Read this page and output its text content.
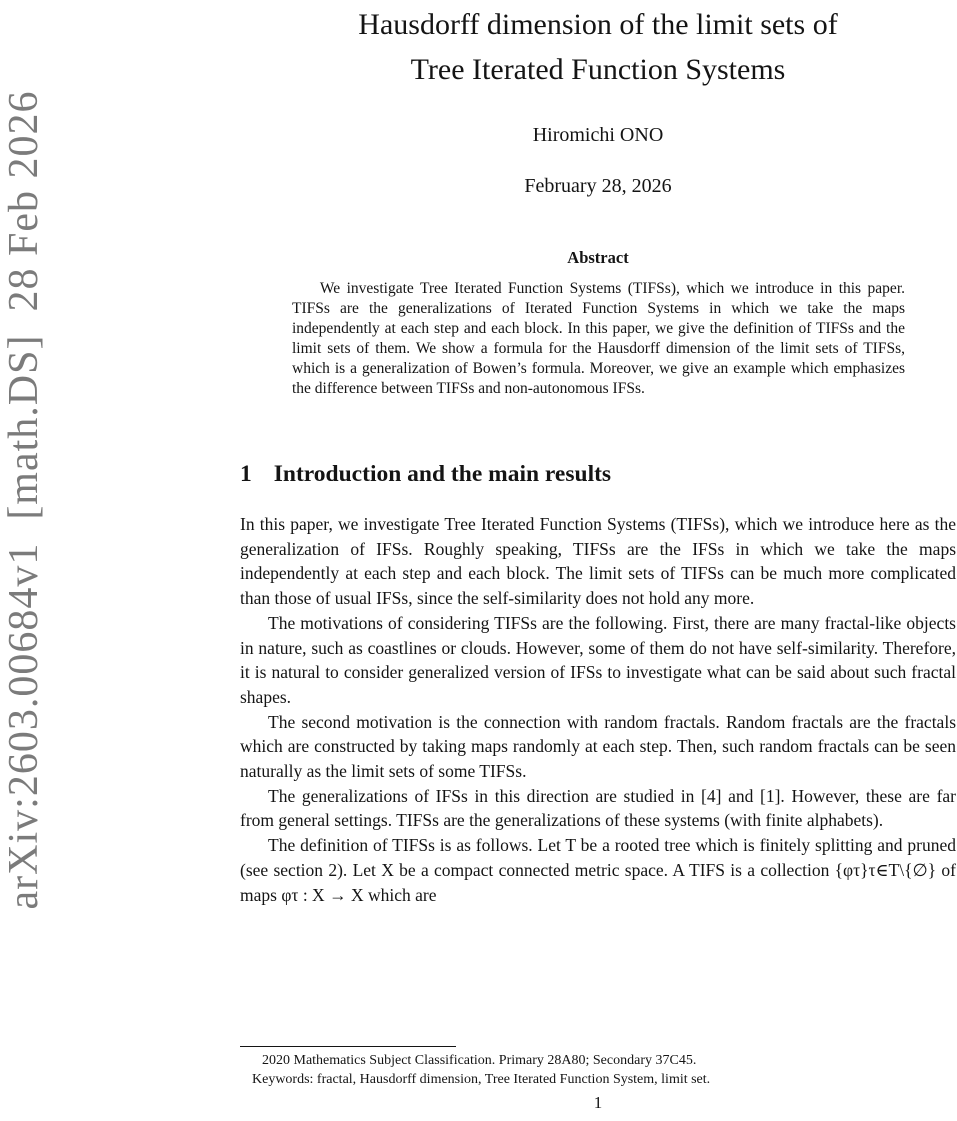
arXiv:2603.00684v1  [math.DS]  28 Feb 2026
Hausdorff dimension of the limit sets of
Tree Iterated Function Systems
Hiromichi ONO
February 28, 2026
Abstract

We investigate Tree Iterated Function Systems (TIFSs), which we introduce in this paper. TIFSs are the generalizations of Iterated Function Systems in which we take the maps independently at each step and each block. In this paper, we give the definition of TIFSs and the limit sets of them. We show a formula for the Hausdorff dimension of the limit sets of TIFSs, which is a generalization of Bowen’s formula. Moreover, we give an example which emphasizes the difference between TIFSs and non-autonomous IFSs.

1 Introduction and the main results

In this paper, we investigate Tree Iterated Function Systems (TIFSs), which we introduce here as the generalization of IFSs. Roughly speaking, TIFSs are the IFSs in which we take the maps independently at each step and each block. The limit sets of TIFSs can be much more complicated than those of usual IFSs, since the self-similarity does not hold any more.

The motivations of considering TIFSs are the following. First, there are many fractal-like objects in nature, such as coastlines or clouds. However, some of them do not have self-similarity. Therefore, it is natural to consider generalized version of IFSs to investigate what can be said about such fractal shapes.

The second motivation is the connection with random fractals. Random fractals are the fractals which are constructed by taking maps randomly at each step. Then, such random fractals can be seen naturally as the limit sets of some TIFSs.

The generalizations of IFSs in this direction are studied in [4] and [1]. However, these are far from general settings. TIFSs are the generalizations of these systems (with finite alphabets).

The definition of TIFSs is as follows. Let T be a rooted tree which is finitely splitting and pruned (see section 2). Let X be a compact connected metric space. A TIFS is a collection {φτ}τ∈T\{∅} of maps φτ : X → X which are

2020 Mathematics Subject Classification. Primary 28A80; Secondary 37C45.

Keywords: fractal, Hausdorff dimension, Tree Iterated Function System, limit set.

1
